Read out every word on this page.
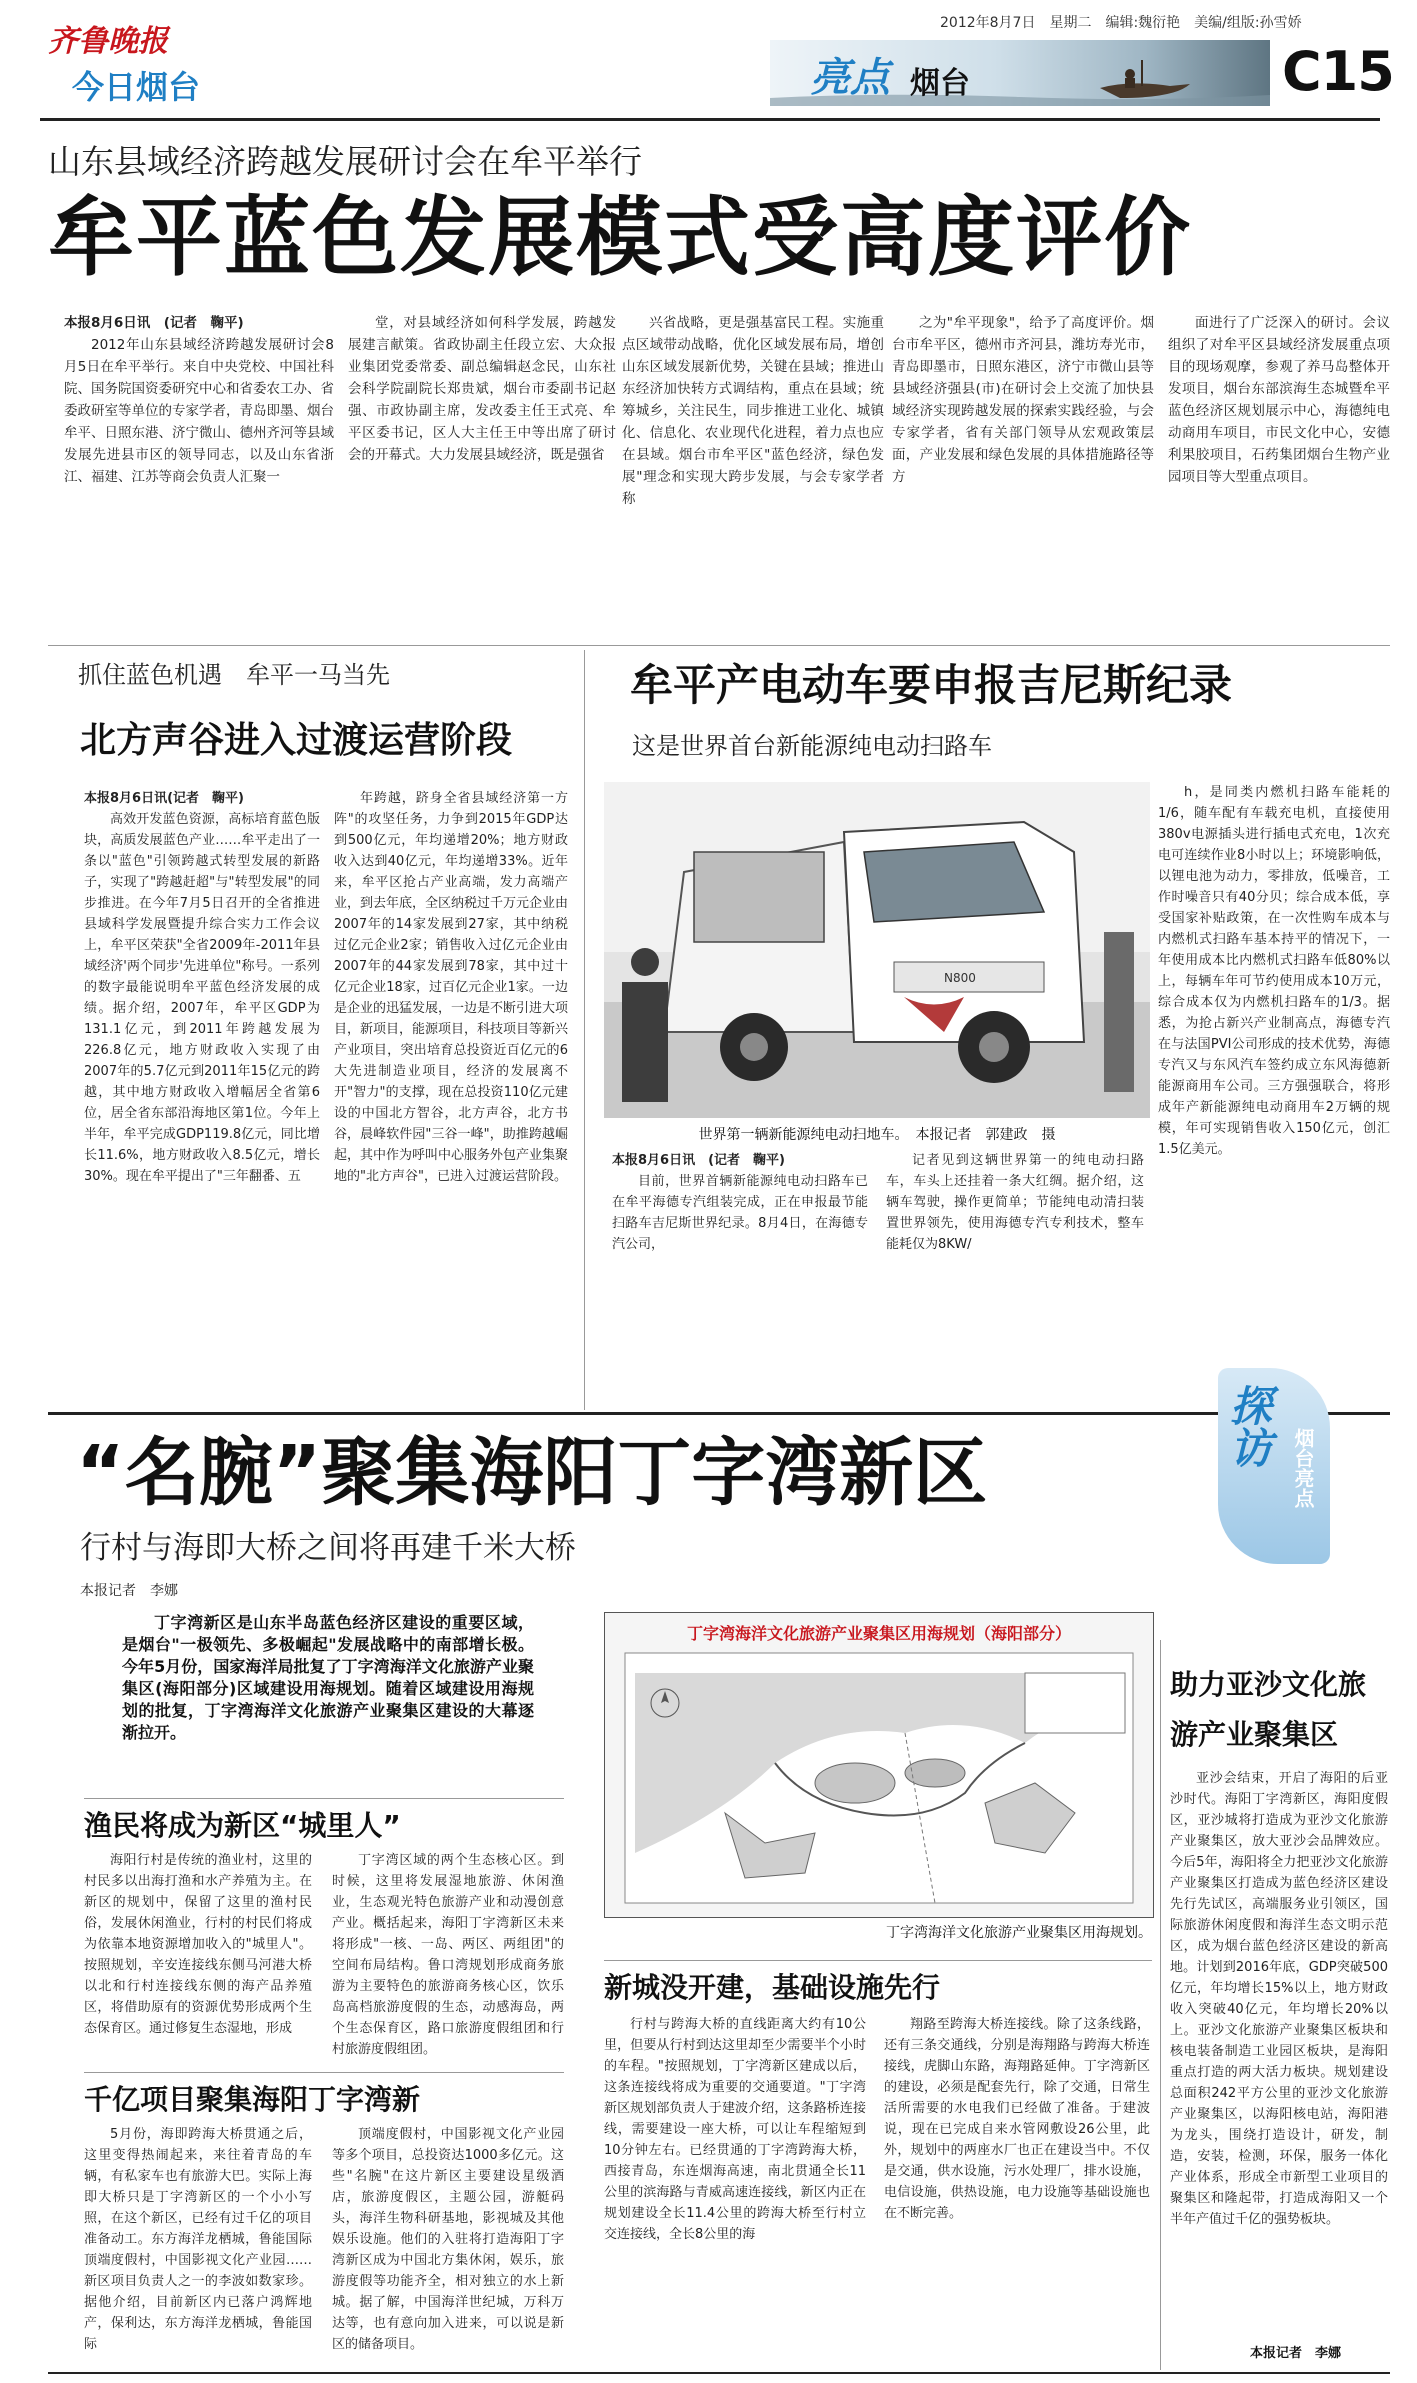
齐鲁晚报
今日烟台
2012年8月7日　星期二　编辑:魏衍艳　美编/组版:孙雪娇
亮点 烟台	C15
山东县域经济跨越发展研讨会在牟平举行
牟平蓝色发展模式受高度评价
本报8月6日讯　(记者　鞠平)

2012年山东县域经济跨越发展研讨会8月5日在牟平举行。来自中央党校、中国社科院、国务院国资委研究中心和省委农工办、省委政研室等单位的专家学者，青岛即墨、烟台牟平、日照东港、济宁微山、德州齐河等县域发展先进县市区的领导同志，以及山东省浙江、福建、江苏等商会负责人汇聚一

堂，对县域经济如何科学发展，跨越发展建言献策。省政协副主任段立宏、大众报业集团党委常委、副总编辑赵念民，山东社会科学院副院长郑贵斌，烟台市委副书记赵强、市政协副主席，发改委主任王式亮、牟平区委书记，区人大主任王中等出席了研讨会的开幕式。大力发展县域经济，既是强省

兴省战略，更是强基富民工程。实施重点区域带动战略，优化区域发展布局，增创山东区域发展新优势，关键在县域；推进山东经济加快转方式调结构，重点在县域；统筹城乡，关注民生，同步推进工业化、城镇化、信息化、农业现代化进程，着力点也应在县域。烟台市牟平区"蓝色经济，绿色发展"理念和实现大跨步发展，与会专家学者称

之为"牟平现象"，给予了高度评价。烟台市牟平区，德州市齐河县，潍坊寿光市，青岛即墨市，日照东港区，济宁市微山县等县域经济强县(市)在研讨会上交流了加快县域经济实现跨越发展的探索实践经验，与会专家学者，省有关部门领导从宏观政策层面，产业发展和绿色发展的具体措施路径等方

面进行了广泛深入的研讨。会议组织了对牟平区县域经济发展重点项目的现场观摩，参观了养马岛整体开发项目，烟台东部滨海生态城暨牟平蓝色经济区规划展示中心，海德纯电动商用车项目，市民文化中心，安德利果胶项目，石药集团烟台生物产业园项目等大型重点项目。

抓住蓝色机遇　牟平一马当先
北方声谷进入过渡运营阶段
本报8月6日讯(记者　鞠平)

高效开发蓝色资源，高标培育蓝色版块，高质发展蓝色产业……牟平走出了一条以"蓝色"引领跨越式转型发展的新路子，实现了"跨越赶超"与"转型发展"的同步推进。在今年7月5日召开的全省推进县域科学发展暨提升综合实力工作会议上，牟平区荣获"全省2009年-2011年县域经济'两个同步'先进单位"称号。一系列的数字最能说明牟平蓝色经济发展的成绩。据介绍，2007年，牟平区GDP为131.1亿元，到2011年跨越发展为226.8亿元，地方财政收入实现了由2007年的5.7亿元到2011年15亿元的跨越，其中地方财政收入增幅居全省第6位，居全省东部沿海地区第1位。今年上半年，牟平完成GDP119.8亿元，同比增长11.6%，地方财政收入8.5亿元，增长30%。现在牟平提出了"三年翻番、五

年跨越，跻身全省县域经济第一方阵"的攻坚任务，力争到2015年GDP达到500亿元，年均递增20%；地方财政收入达到40亿元，年均递增33%。近年来，牟平区抢占产业高端，发力高端产业，到去年底，全区纳税过千万元企业由2007年的14家发展到27家，其中纳税过亿元企业2家；销售收入过亿元企业由2007年的44家发展到78家，其中过十亿元企业18家，过百亿元企业1家。一边是企业的迅猛发展，一边是不断引进大项目，新项目，能源项目，科技项目等新兴产业项目，突出培育总投资近百亿元的6大先进制造业项目，经济的发展离不开"智力"的支撑，现在总投资110亿元建设的中国北方智谷，北方声谷，北方书谷，晨峰软件园"三谷一峰"，助推跨越崛起，其中作为呼叫中心服务外包产业集聚地的"北方声谷"，已进入过渡运营阶段。

牟平产电动车要申报吉尼斯纪录
这是世界首台新能源纯电动扫路车
N800
世界第一辆新能源纯电动扫地车。　本报记者　郭建政　摄
本报8月6日讯　(记者　鞠平)

目前，世界首辆新能源纯电动扫路车已在牟平海德专汽组装完成，正在申报最节能扫路车吉尼斯世界纪录。8月4日，在海德专汽公司，

记者见到这辆世界第一的纯电动扫路车，车头上还挂着一条大红绸。据介绍，这辆车驾驶，操作更简单；节能纯电动清扫装置世界领先，使用海德专汽专利技术，整车能耗仅为8KW/

h，是同类内燃机扫路车能耗的1/6，随车配有车载充电机，直接使用380v电源插头进行插电式充电，1次充电可连续作业8小时以上；环境影响低，以锂电池为动力，零排放，低噪音，工作时噪音只有40分贝；综合成本低，享受国家补贴政策，在一次性购车成本与内燃机式扫路车基本持平的情况下，一年使用成本比内燃机式扫路车低80%以上，每辆车年可节约使用成本10万元，综合成本仅为内燃机扫路车的1/3。据悉，为抢占新兴产业制高点，海德专汽在与法国PVI公司形成的技术优势，海德专汽又与东风汽车签约成立东风海德新能源商用车公司。三方强强联合，将形成年产新能源纯电动商用车2万辆的规模，年可实现销售收入150亿元，创汇1.5亿美元。

“名腕”聚集海阳丁字湾新区
行村与海即大桥之间将再建千米大桥
本报记者　李娜
探访 烟台亮点
丁字湾新区是山东半岛蓝色经济区建设的重要区域，是烟台"一极领先、多极崛起"发展战略中的南部增长极。今年5月份，国家海洋局批复了丁字湾海洋文化旅游产业聚集区(海阳部分)区域建设用海规划。随着区域建设用海规划的批复，丁字湾海洋文化旅游产业聚集区建设的大幕逐渐拉开。
丁字湾海洋文化旅游产业聚集区用海规划（海阳部分）
丁字湾海洋文化旅游产业聚集区用海规划。
渔民将成为新区“城里人”

海阳行村是传统的渔业村，这里的村民多以出海打渔和水产养殖为主。在新区的规划中，保留了这里的渔村民俗，发展休闲渔业，行村的村民们将成为依靠本地资源增加收入的"城里人"。按照规划，辛安连接线东侧马河港大桥以北和行村连接线东侧的海产品养殖区，将借助原有的资源优势形成两个生态保育区。通过修复生态湿地，形成

丁字湾区域的两个生态核心区。到时候，这里将发展湿地旅游、休闲渔业，生态观光特色旅游产业和动漫创意产业。概括起来，海阳丁字湾新区未来将形成"一核、一岛、两区、两组团"的空间布局结构。鲁口湾规划形成商务旅游为主要特色的旅游商务核心区，饮乐岛高档旅游度假的生态，动感海岛，两个生态保育区，路口旅游度假组团和行村旅游度假组团。

千亿项目聚集海阳丁字湾新

5月份，海即跨海大桥贯通之后，这里变得热闹起来，来往着青岛的车辆，有私家车也有旅游大巴。实际上海即大桥只是丁字湾新区的一个小小写照，在这个新区，已经有过千亿的项目准备动工。东方海洋龙栖城，鲁能国际顶端度假村，中国影视文化产业园……新区项目负责人之一的李波如数家珍。据他介绍，目前新区内已落户鸿辉地产，保利达，东方海洋龙栖城，鲁能国际

顶端度假村，中国影视文化产业园等多个项目，总投资达1000多亿元。这些"名腕"在这片新区主要建设星级酒店，旅游度假区，主题公园，游艇码头，海洋生物科研基地，影视城及其他娱乐设施。他们的入驻将打造海阳丁字湾新区成为中国北方集休闲，娱乐，旅游度假等功能齐全，相对独立的水上新城。据了解，中国海洋世纪城，万科万达等，也有意向加入进来，可以说是新区的储备项目。

新城没开建，基础设施先行

行村与跨海大桥的直线距离大约有10公里，但要从行村到达这里却至少需要半个小时的车程。"按照规划，丁字湾新区建成以后，这条连接线将成为重要的交通要道。"丁字湾新区规划部负责人于建波介绍，这条路桥连接线，需要建设一座大桥，可以让车程缩短到10分钟左右。已经贯通的丁字湾跨海大桥，西接青岛，东连烟海高速，南北贯通全长11公里的滨海路与青威高速连接线，新区内正在规划建设全长11.4公里的跨海大桥至行村立交连接线，全长8公里的海

翔路至跨海大桥连接线。除了这条线路，还有三条交通线，分别是海翔路与跨海大桥连接线，虎脚山东路，海翔路延伸。丁字湾新区的建设，必须是配套先行，除了交通，日常生活所需要的水电我们已经做了准备。于建波说，现在已完成自来水管网敷设26公里，此外，规划中的两座水厂也正在建设当中。不仅是交通，供水设施，污水处理厂，排水设施，电信设施，供热设施，电力设施等基础设施也在不断完善。

助力亚沙文化旅游产业聚集区

亚沙会结束，开启了海阳的后亚沙时代。海阳丁字湾新区，海阳度假区，亚沙城将打造成为亚沙文化旅游产业聚集区，放大亚沙会品牌效应。今后5年，海阳将全力把亚沙文化旅游产业聚集区打造成为蓝色经济区建设先行先试区，高端服务业引领区，国际旅游休闲度假和海洋生态文明示范区，成为烟台蓝色经济区建设的新高地。计划到2016年底，GDP突破500亿元，年均增长15%以上，地方财政收入突破40亿元，年均增长20%以上。亚沙文化旅游产业聚集区板块和核电装备制造工业园区板块，是海阳重点打造的两大活力板块。规划建设总面积242平方公里的亚沙文化旅游产业聚集区，以海阳核电站，海阳港为龙头，围绕打造设计，研发，制造，安装，检测，环保，服务一体化产业体系，形成全市新型工业项目的聚集区和隆起带，打造成海阳又一个半年产值过千亿的强势板块。

本报记者　李娜
